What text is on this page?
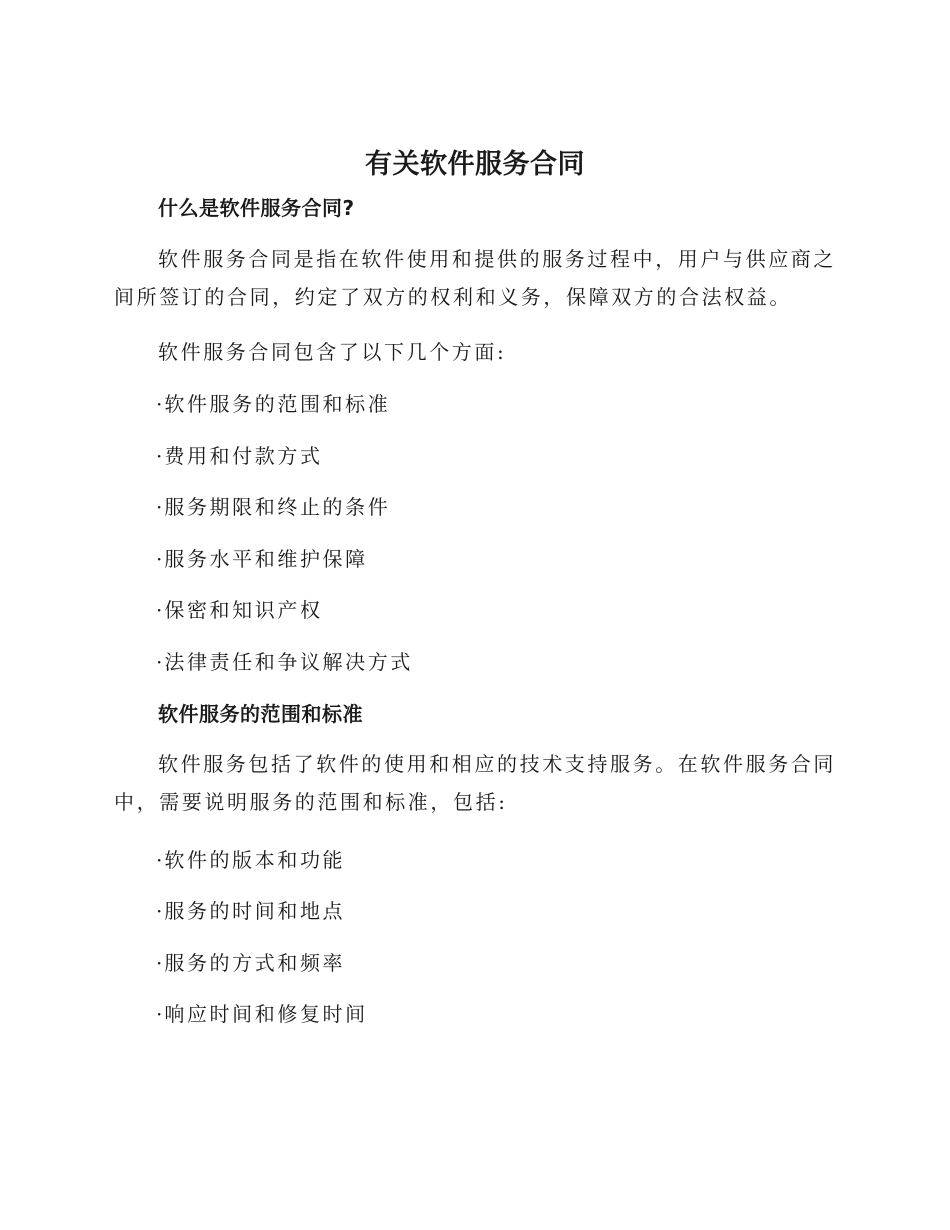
有关软件服务合同
什么是软件服务合同?

软件服务合同是指在软件使用和提供的服务过程中，用户与供应商之间所签订的合同，约定了双方的权利和义务，保障双方的合法权益。

软件服务合同包含了以下几个方面:

· 软件服务的范围和标准
· 费用和付款方式
· 服务期限和终止的条件
· 服务水平和维护保障
· 保密和知识产权
· 法律责任和争议解决方式
软件服务的范围和标准

软件服务包括了软件的使用和相应的技术支持服务。在软件服务合同中，需要说明服务的范围和标准，包括:

· 软件的版本和功能
· 服务的时间和地点
· 服务的方式和频率
· 响应时间和修复时间
